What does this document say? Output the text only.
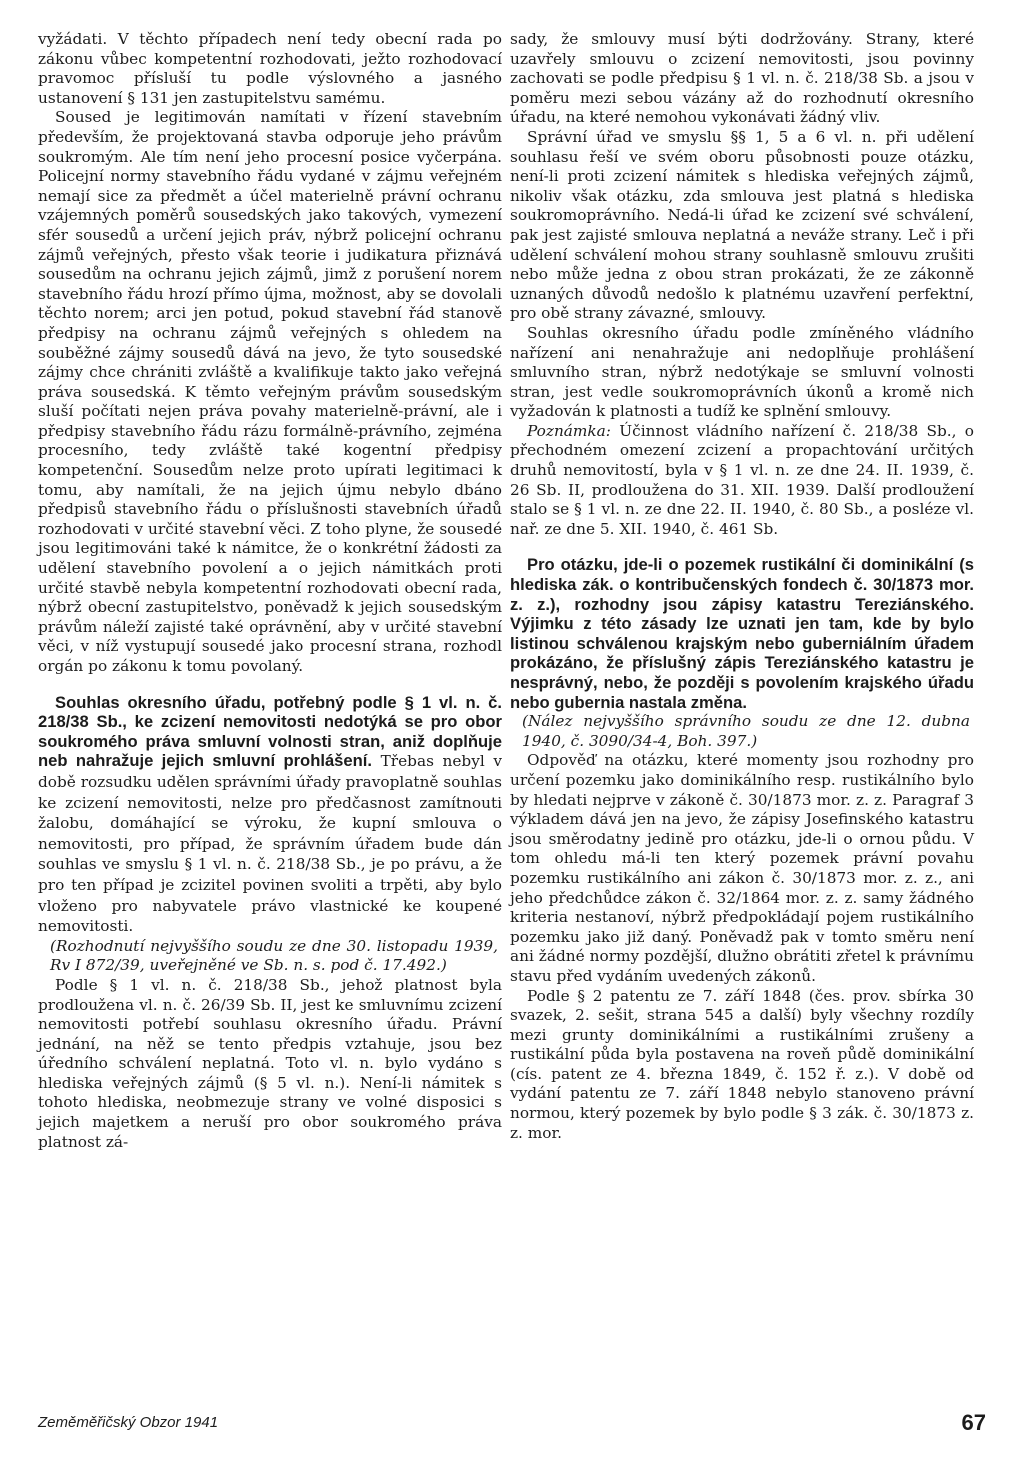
vyžádati. V těchto případech není tedy obecní rada po zákonu vůbec kompetentní rozhodovati, ježto rozhodovací pravomoc přísluší tu podle výslovného a jasného ustanovení § 131 jen zastupitelstvu samému.

Soused je legitimován namítati v řízení stavebním především, že projektovaná stavba odporuje jeho právům soukromým. Ale tím není jeho procesní posice vyčerpána. Policejní normy stavebního řádu vydané v zájmu veřejném nemají sice za předmět a účel materielně právní ochranu vzájemných poměrů sousedských jako takových, vymezení sfér sousedů a určení jejich práv, nýbrž policejní ochranu zájmů veřejných, přesto však teorie i judikatura přiznává sousedům na ochranu jejich zájmů, jimž z porušení norem stavebního řádu hrozí přímo újma, možnost, aby se dovolali těchto norem; arci jen potud, pokud stavební řád stanově předpisy na ochranu zájmů veřejných s ohledem na souběžné zájmy sousedů dává na jevo, že tyto sousedské zájmy chce chrániti zvláště a kvalifikuje takto jako veřejná práva sousedská. K těmto veřejným právům sousedským sluší počítati nejen práva povahy materielně-právní, ale i předpisy stavebního řádu rázu formálně-právního, zejména procesního, tedy zvláště také kogentní předpisy kompetenční. Sousedům nelze proto upírati legitimaci k tomu, aby namítali, že na jejich újmu nebylo dbáno předpisů stavebního řádu o příslušnosti stavebních úřadů rozhodovati v určité stavební věci. Z toho plyne, že sousedé jsou legitimováni také k námitce, že o konkrétní žádosti za udělení stavebního povolení a o jejich námitkách proti určité stavbě nebyla kompetentní rozhodovati obecní rada, nýbrž obecní zastupitelstvo, poněvadž k jejich sousedským právům náleží zajisté také oprávnění, aby v určité stavební věci, v níž vystupují sousedé jako procesní strana, rozhodl orgán po zákonu k tomu povolaný.

Souhlas okresního úřadu, potřebný podle § 1 vl. n. č. 218/38 Sb., ke zcizení nemovitosti nedotýká se pro obor soukromého práva smluvní volnosti stran, aniž doplňuje neb nahražuje jejich smluvní prohlášení. Třebas nebyl v době rozsudku udělen správními úřady pravoplatně souhlas ke zcizení nemovitosti, nelze pro předčasnost zamítnouti žalobu, domáhající se výroku, že kupní smlouva o nemovitosti, pro případ, že správním úřadem bude dán souhlas ve smyslu § 1 vl. n. č. 218/38 Sb., je po právu, a že pro ten případ je zcizitel povinen svoliti a trpěti, aby bylo vloženo pro nabyvatele právo vlastnické ke koupené nemovitosti.

(Rozhodnutí nejvyššího soudu ze dne 30. listopadu 1939, Rv I 872/39, uveřejněné ve Sb. n. s. pod č. 17.492.)

Podle § 1 vl. n. č. 218/38 Sb., jehož platnost byla prodloužena vl. n. č. 26/39 Sb. II, jest ke smluvnímu zcizení nemovitosti potřebí souhlasu okresního úřadu. Právní jednání, na něž se tento předpis vztahuje, jsou bez úředního schválení neplatná. Toto vl. n. bylo vydáno s hlediska veřejných zájmů (§ 5 vl. n.). Není-li námitek s tohoto hlediska, neobmezuje strany ve volné disposici s jejich majetkem a neruší pro obor soukromého práva platnost zá-

sady, že smlouvy musí býti dodržovány. Strany, které uzavřely smlouvu o zcizení nemovitosti, jsou povinny zachovati se podle předpisu § 1 vl. n. č. 218/38 Sb. a jsou v poměru mezi sebou vázány až do rozhodnutí okresního úřadu, na které nemohou vykonávati žádný vliv.

Správní úřad ve smyslu §§ 1, 5 a 6 vl. n. při udělení souhlasu řeší ve svém oboru působnosti pouze otázku, není-li proti zcizení námitek s hlediska veřejných zájmů, nikoliv však otázku, zda smlouva jest platná s hlediska soukromoprávního. Nedá-li úřad ke zcizení své schválení, pak jest zajisté smlouva neplatná a neváže strany. Leč i při udělení schválení mohou strany souhlasně smlouvu zrušiti nebo může jedna z obou stran prokázati, že ze zákonně uznaných důvodů nedošlo k platnému uzavření perfektní, pro obě strany závazné, smlouvy.

Souhlas okresního úřadu podle zmíněného vládního nařízení ani nenahražuje ani nedoplňuje prohlášení smluvního stran, nýbrž nedotýkaje se smluvní volnosti stran, jest vedle soukromoprávních úkonů a kromě nich vyžadován k platnosti a tudíž ke splnění smlouvy.

Poznámka: Účinnost vládního nařízení č. 218/38 Sb., o přechodném omezení zcizení a propachtování určitých druhů nemovitostí, byla v § 1 vl. n. ze dne 24. II. 1939, č. 26 Sb. II, prodloužena do 31. XII. 1939. Další prodloužení stalo se § 1 vl. n. ze dne 22. II. 1940, č. 80 Sb., a posléze vl. nař. ze dne 5. XII. 1940, č. 461 Sb.

Pro otázku, jde-li o pozemek rustikální či dominikální (s hlediska zák. o kontribučenských fondech č. 30/1873 mor. z. z.), rozhodny jsou zápisy katastru Tereziánského. Výjimku z této zásady lze uznati jen tam, kde by bylo listinou schválenou krajským nebo guberniálním úřadem prokázáno, že příslušný zápis Tereziánského katastru je nesprávný, nebo, že později s povolením krajského úřadu nebo gubernia nastala změna.

(Nález nejvyššího správního soudu ze dne 12. dubna 1940, č. 3090/34-4, Boh. 397.)

Odpověď na otázku, které momenty jsou rozhodny pro určení pozemku jako dominikálního resp. rustikálního bylo by hledati nejprve v zákoně č. 30/1873 mor. z. z. Paragraf 3 výkladem dává jen na jevo, že zápisy Josefinského katastru jsou směrodatny jedině pro otázku, jde-li o ornou půdu. V tom ohledu má-li ten který pozemek právní povahu pozemku rustikálního ani zákon č. 30/1873 mor. z. z., ani jeho předchůdce zákon č. 32/1864 mor. z. z. samy žádného kriteria nestanoví, nýbrž předpokládají pojem rustikálního pozemku jako již daný. Poněvadž pak v tomto směru není ani žádné normy pozdější, dlužno obrátiti zřetel k právnímu stavu před vydáním uvedených zákonů.

Podle § 2 patentu ze 7. září 1848 (čes. prov. sbírka 30 svazek, 2. sešit, strana 545 a další) byly všechny rozdíly mezi grunty dominikálními a rustikálními zrušeny a rustikální půda byla postavena na roveň půdě dominikální (cís. patent ze 4. března 1849, č. 152 ř. z.). V době od vydání patentu ze 7. září 1848 nebylo stanoveno právní normou, který pozemek by bylo podle § 3 zák. č. 30/1873 z. z. mor.

Zeměměřičský Obzor 1941	67
